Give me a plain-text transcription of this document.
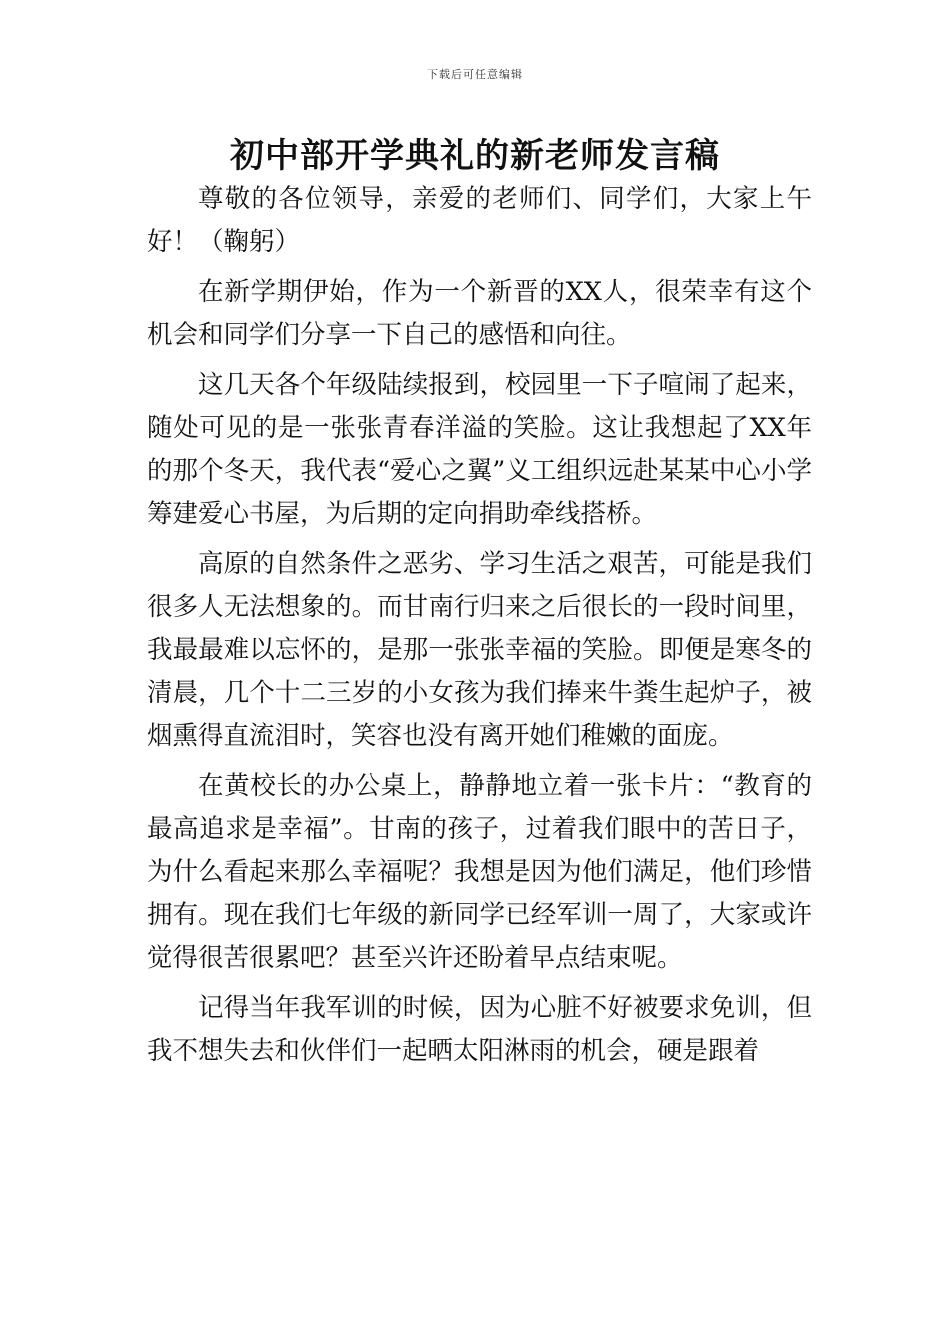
下载后可任意编辑
初中部开学典礼的新老师发言稿

尊敬的各位领导，亲爱的老师们、同学们，大家上午好！（鞠躬）

在新学期伊始，作为一个新晋的XX人，很荣幸有这个机会和同学们分享一下自己的感悟和向往。

这几天各个年级陆续报到，校园里一下子喧闹了起来，随处可见的是一张张青春洋溢的笑脸。这让我想起了XX年的那个冬天，我代表“爱心之翼”义工组织远赴某某中心小学筹建爱心书屋，为后期的定向捐助牵线搭桥。

高原的自然条件之恶劣、学习生活之艰苦，可能是我们很多人无法想象的。而甘南行归来之后很长的一段时间里，我最最难以忘怀的，是那一张张幸福的笑脸。即便是寒冬的清晨，几个十二三岁的小女孩为我们捧来牛粪生起炉子，被烟熏得直流泪时，笑容也没有离开她们稚嫩的面庞。

在黄校长的办公桌上，静静地立着一张卡片：“教育的最高追求是幸福”。甘南的孩子，过着我们眼中的苦日子，为什么看起来那么幸福呢？我想是因为他们满足，他们珍惜拥有。现在我们七年级的新同学已经军训一周了，大家或许觉得很苦很累吧？甚至兴许还盼着早点结束呢。

记得当年我军训的时候，因为心脏不好被要求免训，但我不想失去和伙伴们一起晒太阳淋雨的机会，硬是跟着
